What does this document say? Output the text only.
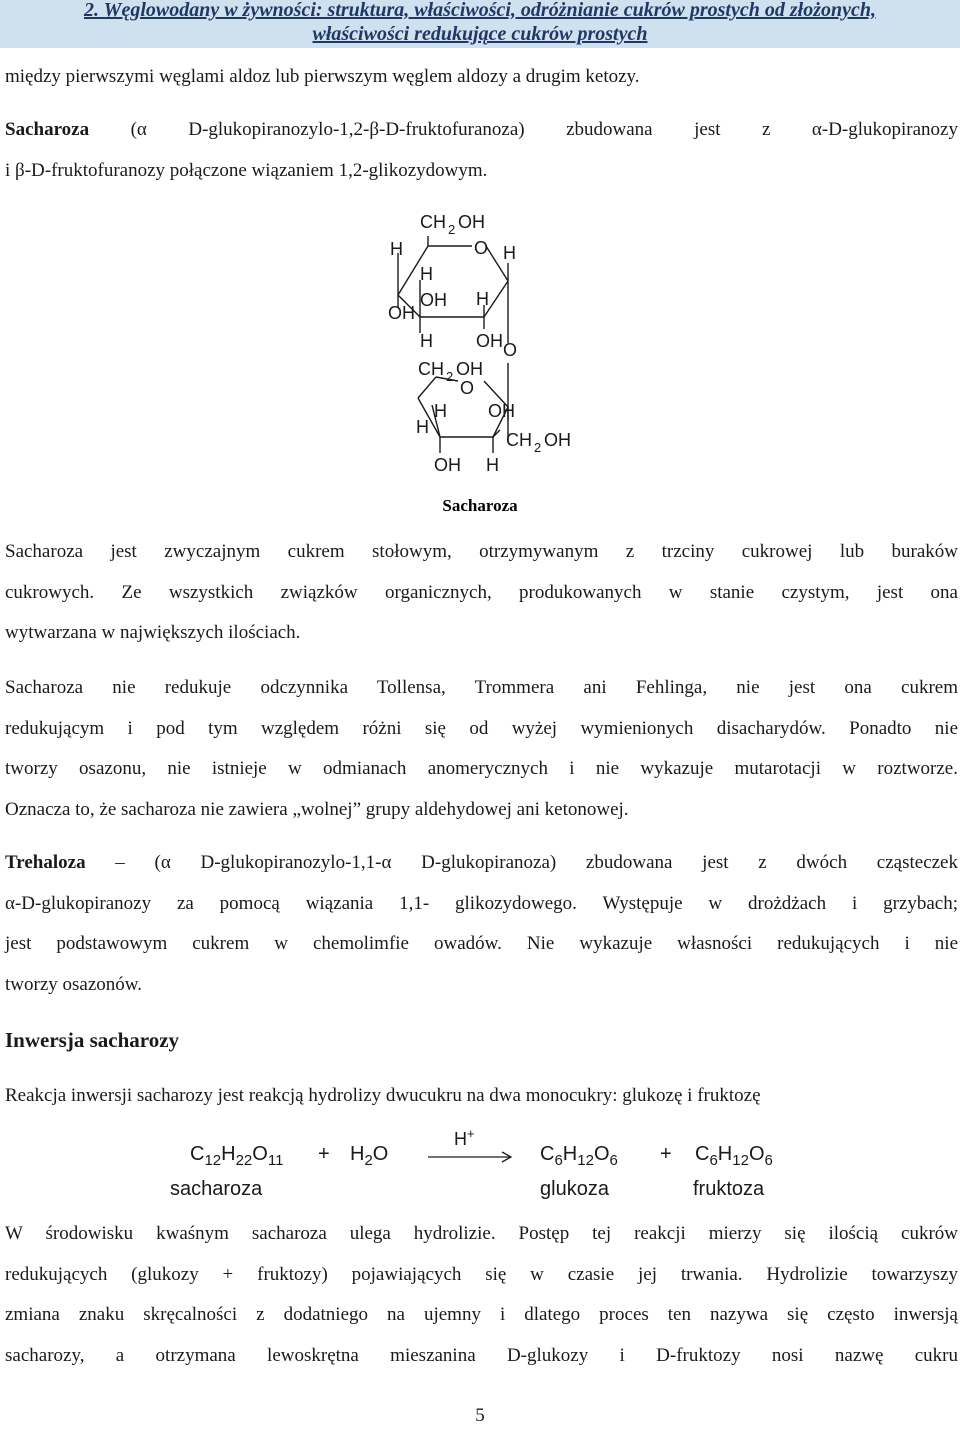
2. Węglowodany w żywności: struktura, właściwości, odróżnianie cukrów prostych od złożonych,
właściwości redukujące cukrów prostych
między pierwszymi węglami aldoz lub pierwszym węglem aldozy a drugim ketozy.
Sacharoza (α D-glukopiranozylo-1,2-β-D-fruktofuranoza) zbudowana jest z α-D-glukopiranozy
i β-D-fruktofuranozy połączone wiązaniem 1,2-glikozydowym.
CH 2 OH
H	O H
H
OH H
OH
H OH O
CH 2 OH
O
H OH
H
CH 2 OH
OH H
Sacharoza
Sacharoza jest zwyczajnym cukrem stołowym, otrzymywanym z trzciny cukrowej lub buraków
cukrowych. Ze wszystkich związków organicznych, produkowanych w stanie czystym, jest ona
wytwarzana w największych ilościach.
Sacharoza nie redukuje odczynnika Tollensa, Trommera ani Fehlinga, nie jest ona cukrem
redukującym i pod tym względem różni się od wyżej wymienionych disacharydów. Ponadto nie
tworzy osazonu, nie istnieje w odmianach anomerycznych i nie wykazuje mutarotacji w roztworze.
Oznacza to, że sacharoza nie zawiera „wolnej” grupy aldehydowej ani ketonowej.
Trehaloza – (α D-glukopiranozylo-1,1-α D-glukopiranoza) zbudowana jest z dwóch cząsteczek
α-D-glukopiranozy za pomocą wiązania 1,1- glikozydowego. Występuje w drożdżach i grzybach;
jest podstawowym cukrem w chemolimfie owadów. Nie wykazuje własności redukujących i nie
tworzy osazonów.
Inwersja sacharozy
Reakcja inwersji sacharozy jest reakcją hydrolizy dwucukru na dwa monocukry: glukozę i fruktozę
$C_{12}H_{22}O_{11} + H_2O$
H+
$C_6H_{12}O_6 + C_6H_{12}O_6$
sacharoza	glukoza	fruktoza
W środowisku kwaśnym sacharoza ulega hydrolizie. Postęp tej reakcji mierzy się ilością cukrów
redukujących (glukozy + fruktozy) pojawiających się w czasie jej trwania. Hydrolizie towarzyszy
zmiana znaku skręcalności z dodatniego na ujemny i dlatego proces ten nazywa się często inwersją
sacharozy, a otrzymana lewoskrętna mieszanina D-glukozy i D-fruktozy nosi nazwę cukru
5
